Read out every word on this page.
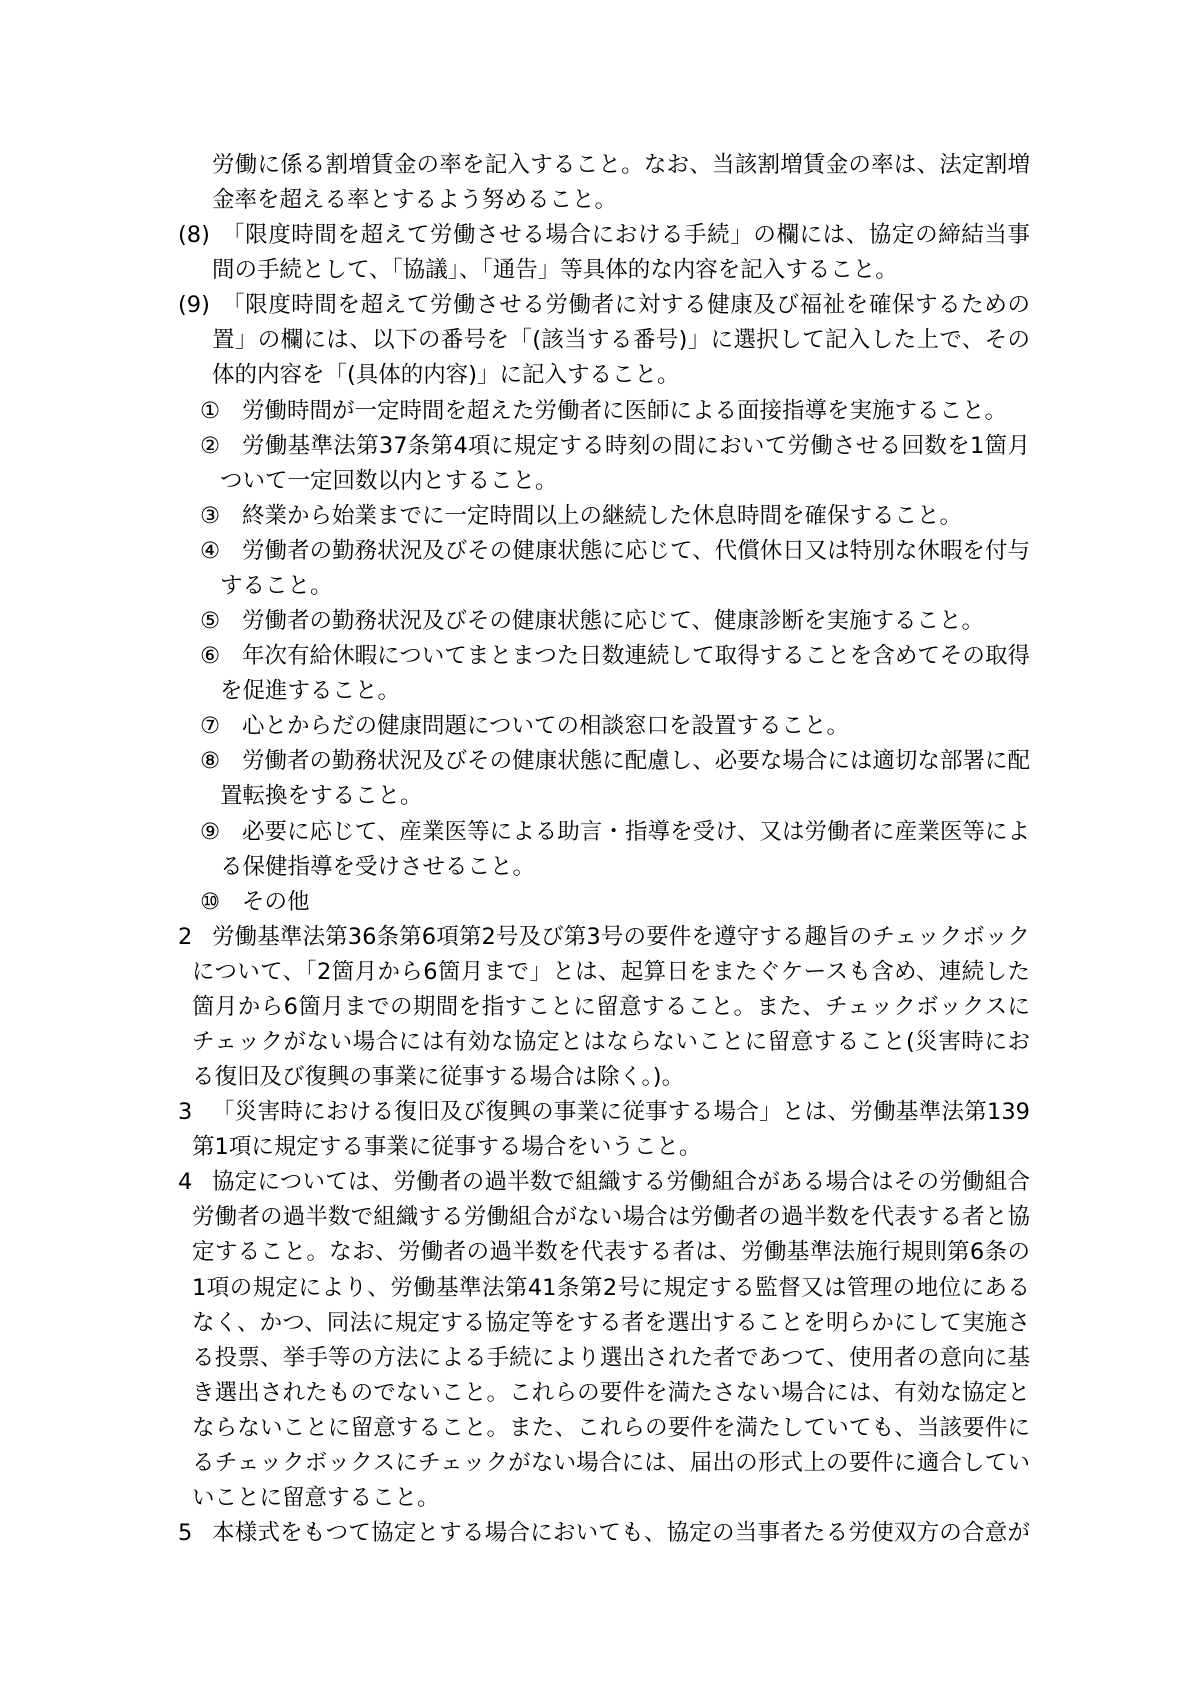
労働に係る割増賃金の率を記入すること。なお、当該割増賃金の率は、法定割増
金率を超える率とするよう努めること。
(8) 「限度時間を超えて労働させる場合における手続」の欄には、協定の締結当事
間の手続として、「協議」、「通告」等具体的な内容を記入すること。
(9) 「限度時間を超えて労働させる労働者に対する健康及び福祉を確保するための
置」の欄には、以下の番号を「(該当する番号)」に選択して記入した上で、その
体的内容を「(具体的内容)」に記入すること。
① 労働時間が一定時間を超えた労働者に医師による面接指導を実施すること。
② 労働基準法第37条第4項に規定する時刻の間において労働させる回数を1箇月
ついて一定回数以内とすること。
③ 終業から始業までに一定時間以上の継続した休息時間を確保すること。
④ 労働者の勤務状況及びその健康状態に応じて、代償休日又は特別な休暇を付与
すること。
⑤ 労働者の勤務状況及びその健康状態に応じて、健康診断を実施すること。
⑥ 年次有給休暇についてまとまつた日数連続して取得することを含めてその取得
を促進すること。
⑦ 心とからだの健康問題についての相談窓口を設置すること。
⑧ 労働者の勤務状況及びその健康状態に配慮し、必要な場合には適切な部署に配
置転換をすること。
⑨ 必要に応じて、産業医等による助言・指導を受け、又は労働者に産業医等によ
る保健指導を受けさせること。
⑩ その他
2 労働基準法第36条第6項第2号及び第3号の要件を遵守する趣旨のチェックボック
について、「2箇月から6箇月まで」とは、起算日をまたぐケースも含め、連続した
箇月から6箇月までの期間を指すことに留意すること。また、チェックボックスに
チェックがない場合には有効な協定とはならないことに留意すること(災害時にお
る復旧及び復興の事業に従事する場合は除く。)。
3 「災害時における復旧及び復興の事業に従事する場合」とは、労働基準法第139
第1項に規定する事業に従事する場合をいうこと。
4 協定については、労働者の過半数で組織する労働組合がある場合はその労働組合
労働者の過半数で組織する労働組合がない場合は労働者の過半数を代表する者と協
定すること。なお、労働者の過半数を代表する者は、労働基準法施行規則第6条の
1項の規定により、労働基準法第41条第2号に規定する監督又は管理の地位にある
なく、かつ、同法に規定する協定等をする者を選出することを明らかにして実施さ
る投票、挙手等の方法による手続により選出された者であつて、使用者の意向に基
き選出されたものでないこと。これらの要件を満たさない場合には、有効な協定と
ならないことに留意すること。また、これらの要件を満たしていても、当該要件に
るチェックボックスにチェックがない場合には、届出の形式上の要件に適合してい
いことに留意すること。
5 本様式をもつて協定とする場合においても、協定の当事者たる労使双方の合意が
